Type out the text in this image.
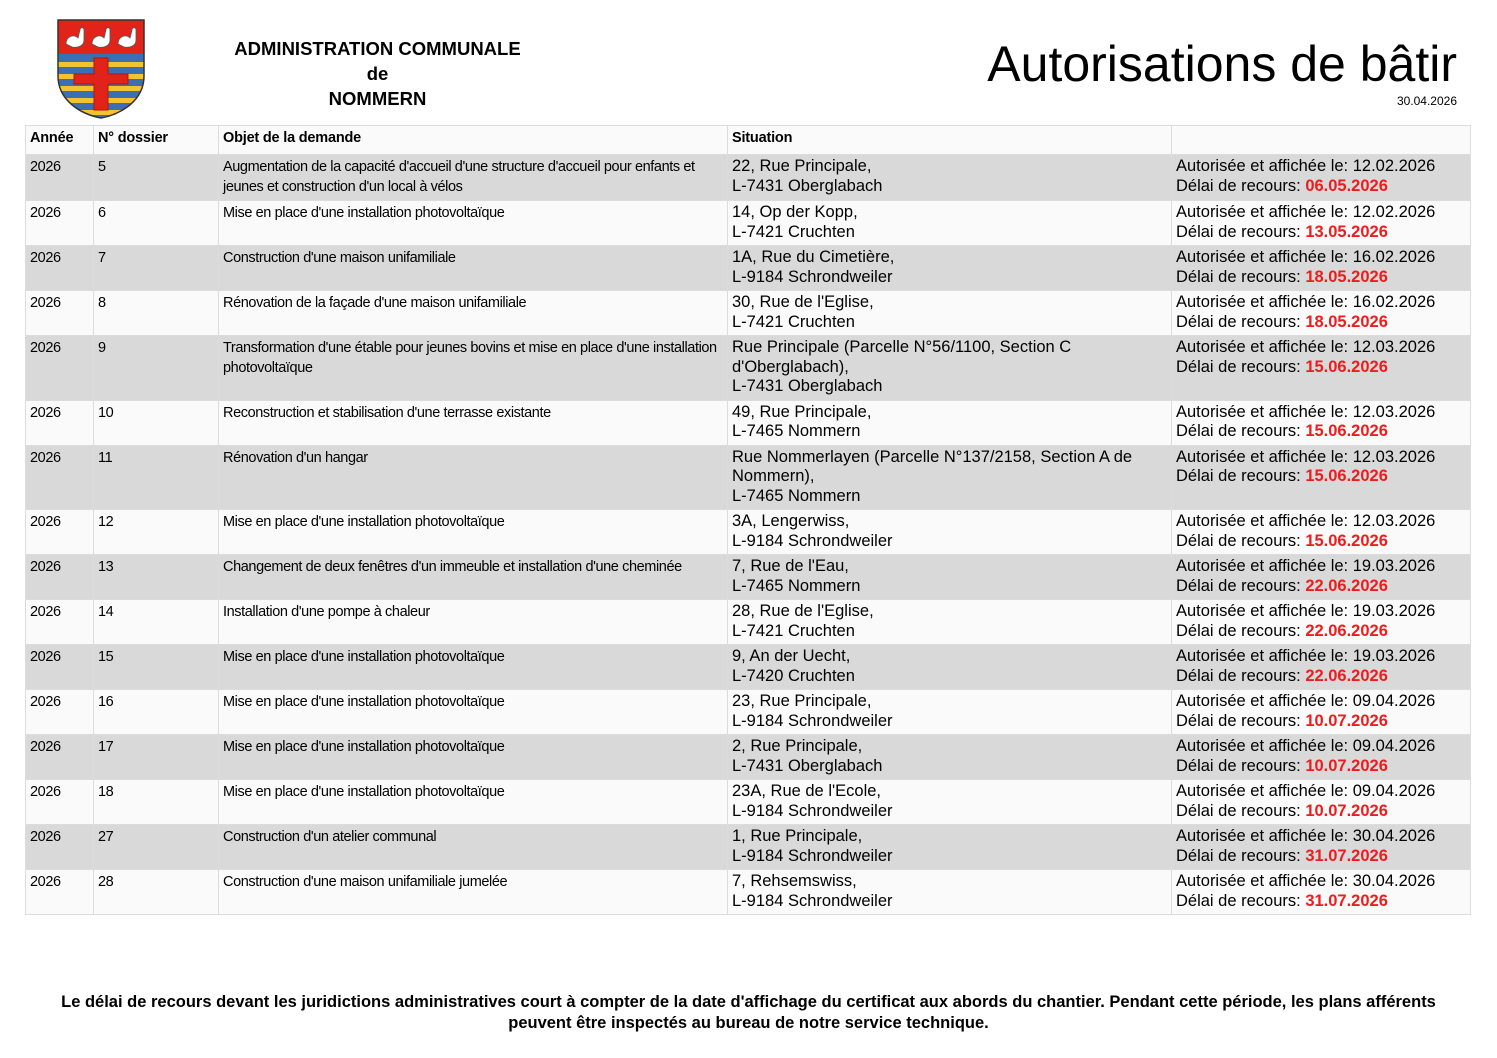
ADMINISTRATION COMMUNALE
de
NOMMERN
Autorisations de bâtir
30.04.2026
Année	N° dossier	Objet de la demande	Situation	
2026	5	Augmentation de la capacité d'accueil d'une structure d'accueil pour enfants et jeunes et construction d'un local à vélos	22, Rue Principale,
L-7431 Oberglabach	Autorisée et affichée le: 12.02.2026
Délai de recours: 06.05.2026

2026	6	Mise en place d'une installation photovoltaïque	14, Op der Kopp,
L-7421 Cruchten	Autorisée et affichée le: 12.02.2026
Délai de recours: 13.05.2026

2026	7	Construction d'une maison unifamiliale	1A, Rue du Cimetière,
L-9184 Schrondweiler	Autorisée et affichée le: 16.02.2026
Délai de recours: 18.05.2026

2026	8	Rénovation de la façade d'une maison unifamiliale	30, Rue de l'Eglise,
L-7421 Cruchten	Autorisée et affichée le: 16.02.2026
Délai de recours: 18.05.2026

2026	9	Transformation d'une étable pour jeunes bovins et mise en place d'une installation photovoltaïque	Rue Principale (Parcelle N°56/1100, Section C d'Oberglabach),
L-7431 Oberglabach	Autorisée et affichée le: 12.03.2026
Délai de recours: 15.06.2026

2026	10	Reconstruction et stabilisation d'une terrasse existante	49, Rue Principale,
L-7465 Nommern	Autorisée et affichée le: 12.03.2026
Délai de recours: 15.06.2026

2026	11	Rénovation d'un hangar	Rue Nommerlayen (Parcelle N°137/2158, Section A de Nommern),
L-7465 Nommern	Autorisée et affichée le: 12.03.2026
Délai de recours: 15.06.2026

2026	12	Mise en place d'une installation photovoltaïque	3A, Lengerwiss,
L-9184 Schrondweiler	Autorisée et affichée le: 12.03.2026
Délai de recours: 15.06.2026

2026	13	Changement de deux fenêtres d'un immeuble et installation d'une cheminée	7, Rue de l'Eau,
L-7465 Nommern	Autorisée et affichée le: 19.03.2026
Délai de recours: 22.06.2026

2026	14	Installation d'une pompe à chaleur	28, Rue de l'Eglise,
L-7421 Cruchten	Autorisée et affichée le: 19.03.2026
Délai de recours: 22.06.2026

2026	15	Mise en place d'une installation photovoltaïque	9, An der Uecht,
L-7420 Cruchten	Autorisée et affichée le: 19.03.2026
Délai de recours: 22.06.2026

2026	16	Mise en place d'une installation photovoltaïque	23, Rue Principale,
L-9184 Schrondweiler	Autorisée et affichée le: 09.04.2026
Délai de recours: 10.07.2026

2026	17	Mise en place d'une installation photovoltaïque	2, Rue Principale,
L-7431 Oberglabach	Autorisée et affichée le: 09.04.2026
Délai de recours: 10.07.2026

2026	18	Mise en place d'une installation photovoltaïque	23A, Rue de l'Ecole,
L-9184 Schrondweiler	Autorisée et affichée le: 09.04.2026
Délai de recours: 10.07.2026

2026	27	Construction d'un atelier communal	1, Rue Principale,
L-9184 Schrondweiler	Autorisée et affichée le: 30.04.2026
Délai de recours: 31.07.2026

2026	28	Construction d'une maison unifamiliale jumelée	7, Rehsemswiss,
L-9184 Schrondweiler	Autorisée et affichée le: 30.04.2026
Délai de recours: 31.07.2026
Le délai de recours devant les juridictions administratives court à compter de la date d'affichage du certificat aux abords du chantier. Pendant cette période, les plans afférents peuvent être inspectés au bureau de notre service technique.
